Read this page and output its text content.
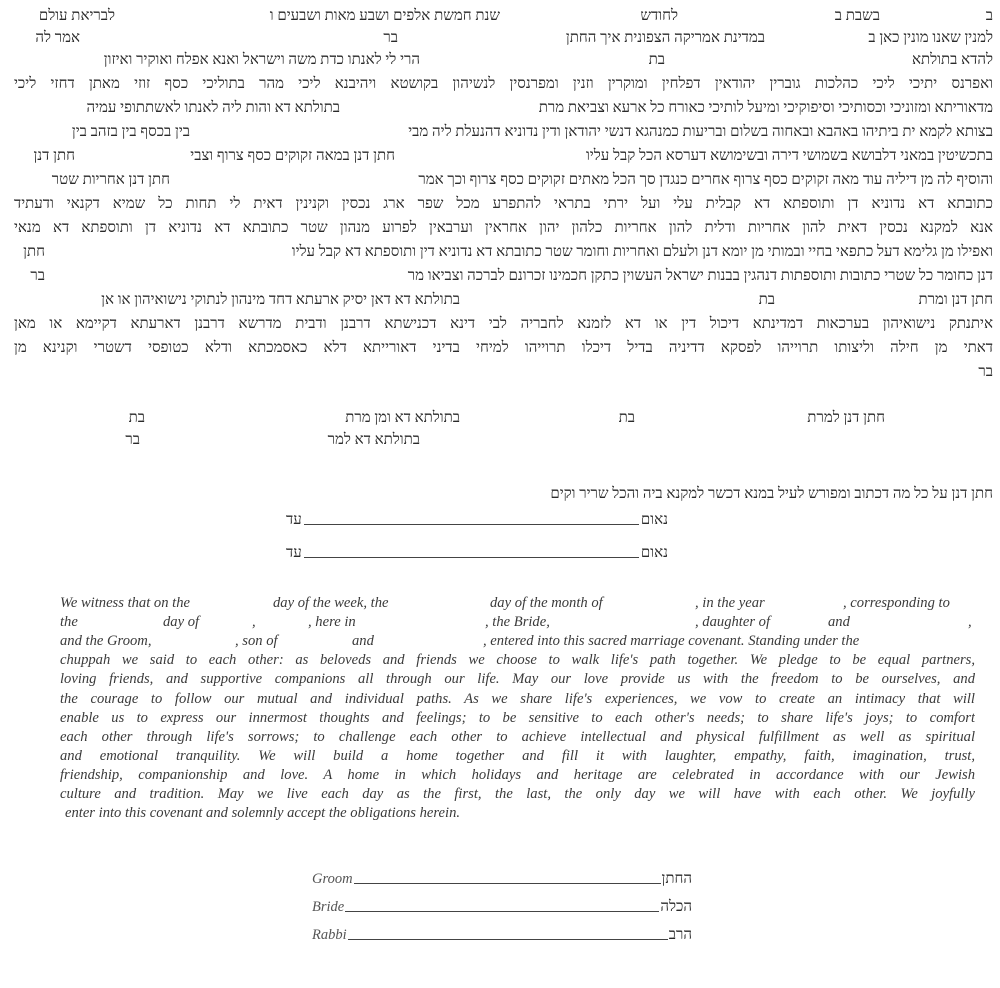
ב
בשבת ב
לחודש
שנת חמשת אלפים ושבע מאות ושבעים ו
לבריאת עולם
למנין שאנו מונין כאן ב
במדינת אמריקה הצפונית איך החתן
בר
אמר לה
להדא בתולתא
בת
הרי לי לאנתו כדת משה וישראל ואנא אפלח ואוקיר ואיזון
ואפרנס יתיכי ליכי כהלכות גוברין יהודאין דפלחין ומוקרין וזנין ומפרנסין לנשיהון בקושטא ויהיבנא ליכי מהר בתוליכי כסף זוזי מאתן דחזי ליכי
מדאוריתא ומזוניכי וכסותיכי וסיפוקיכי ומיעל לותיכי כאורח כל ארעא וצביאת מרת
בתולתא דא והות ליה לאנתו לאשתתופי עמיה
בצותא לקמא ית ביתיהו באהבא ובאחוה בשלום ובריעות כמנהגא דנשי יהודאן ודין נדוניא דהנעלת ליה מבי
בין בכסף בין בזהב בין
בתכשיטין במאני דלבושא בשמושי דירה ובשימושא דערסא הכל קבל עליו
חתן דנן במאה זקוקים כסף צרוף וצבי
חתן דנן
והוסיף לה מן דיליה עוד מאה זקוקים כסף צרוף אחרים כנגדן סך הכל מאתים זקוקים כסף צרוף וכך אמר
חתן דנן אחריות שטר
כתובתא דא נדוניא דן ותוספתא דא קבלית עלי ועל ירתי בתראי להתפרע מכל שפר ארג נכסין וקנינין דאית לי תחות כל שמיא דקנאי ודעתיד
אנא למקנא נכסין דאית להון אחריות ודלית להון אחריות כלהון יהון אחראין וערבאין לפרוע מנהון שטר כתובתא דא נדוניא דן ותוספתא דא מנאי
ואפילו מן גלימא דעל כתפאי בחיי ובמותי מן יומא דנן ולעלם ואחריות וחומר שטר כתובתא דא נדוניא דין ותוספתא דא קבל עליו
חתן
דנן כחומר כל שטרי כתובות ותוספתות דנהגין בבנות ישראל העשוין כתקן חכמינו זכרונם לברכה וצביאו מר
בר
חתן דנן ומרת
בת
בתולתא דא דאן יסיק ארעתא דחד מינהון לנתוקי נישואיהון או אן
איתנתק נישואיהון בערכאות דמדינתא דיכול דין או דא לזמנא לחבריה לבי דינא דכנישתא דרבנן ודבית מדרשא דרבנן דארעתא דקיימא או מאן
דאתי מן חילה וליצותו תרוייהו לפסקא דדיניה בדיל דיכלו תרוייהו למיחי בדיני דאורייתא דלא כאסמכתא ודלא כטופסי דשטרי וקנינא מן
בר
חתן דנן למרת
בת
בתולתא דא ומן מרת
בת
בתולתא דא למר
בר
חתן דנן על כל מה דכתוב ומפורש לעיל במנא דכשר למקנא ביה והכל שריר וקים
נאום
עד
נאום
עד
We witness that on the	day of the week, the	day of the month of	, in the year	, corresponding to
the	day of	,	, here in	, the Bride,	, daughter of	and	,
and the Groom,	, son of	and	, entered into this sacred marriage covenant. Standing under the
chuppah we said to each other: as beloveds and friends we choose to walk life's path together. We pledge to be equal partners,
loving friends, and supportive companions all through our life. May our love provide us with the freedom to be ourselves, and
the courage to follow our mutual and individual paths. As we share life's experiences, we vow to create an intimacy that will
enable us to express our innermost thoughts and feelings; to be sensitive to each other's needs; to share life's joys; to comfort
each other through life's sorrows; to challenge each other to achieve intellectual and physical fulfillment as well as spiritual
and emotional tranquility. We will build a home together and fill it with laughter, empathy, faith, imagination, trust,
friendship, companionship and love. A home in which holidays and heritage are celebrated in accordance with our Jewish
culture and tradition. May we live each day as the first, the last, the only day we will have with each other. We joyfully
enter into this covenant and solemnly accept the obligations herein.
Groom	החתן
Bride	הכלה
Rabbi	הרב
